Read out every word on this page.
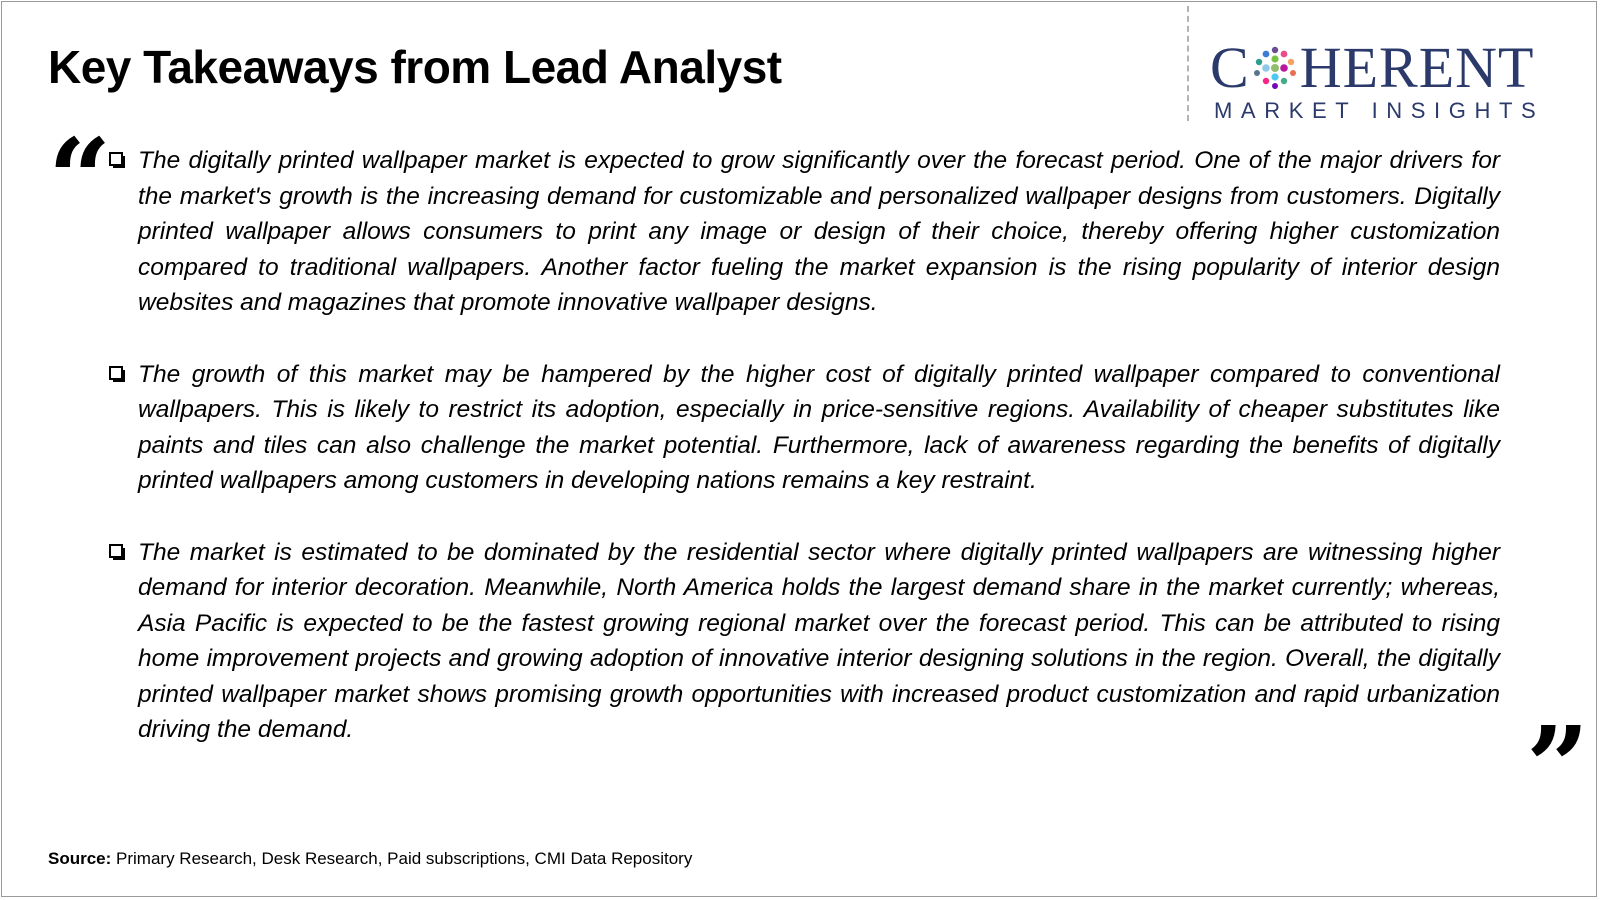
Key Takeaways from Lead Analyst	C HERENT
MARKET INSIGHTS
“
”

The digitally printed wallpaper market is expected to grow significantly over the forecast period. One of the major drivers for the market's growth is the increasing demand for customizable and personalized wallpaper designs from customers. Digitally printed wallpaper allows consumers to print any image or design of their choice, thereby offering higher customization compared to traditional wallpapers. Another factor fueling the market expansion is the rising popularity of interior design websites and magazines that promote innovative wallpaper designs.

The growth of this market may be hampered by the higher cost of digitally printed wallpaper compared to conventional wallpapers. This is likely to restrict its adoption, especially in price-sensitive regions. Availability of cheaper substitutes like paints and tiles can also challenge the market potential. Furthermore, lack of awareness regarding the benefits of digitally printed wallpapers among customers in developing nations remains a key restraint.

The market is estimated to be dominated by the residential sector where digitally printed wallpapers are witnessing higher demand for interior decoration. Meanwhile, North America holds the largest demand share in the market currently; whereas, Asia Pacific is expected to be the fastest growing regional market over the forecast period. This can be attributed to rising home improvement projects and growing adoption of innovative interior designing solutions in the region. Overall, the digitally printed wallpaper market shows promising growth opportunities with increased product customization and rapid urbanization driving the demand.

Source: Primary Research, Desk Research, Paid subscriptions, CMI Data Repository
